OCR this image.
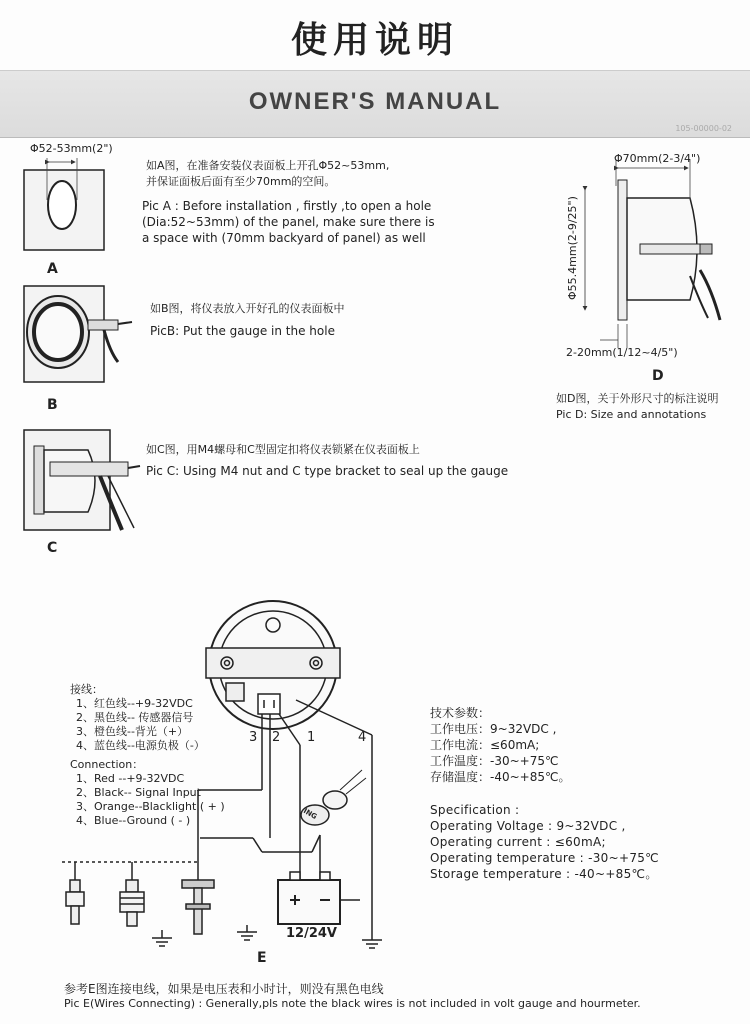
使用说明
OWNER'S MANUAL
105-00000-02
Φ52-53mm(2")
A
如A图，在准备安装仪表面板上开孔Φ52~53mm,
并保证面板后面有至少70mm的空间。
Pic A : Before installation , firstly ,to open a hole
(Dia:52~53mm) of the panel, make sure there is
a space with (70mm backyard of panel) as well
B
如B图，将仪表放入开好孔的仪表面板中
PicB: Put the gauge in the hole
C
如C图，用M4螺母和C型固定扣将仪表锁紧在仪表面板上
Pic C: Using M4 nut and C type bracket to seal up the gauge
Φ70mm(2-3/4")
Φ55.4mm(2-9/25")
2-20mm(1/12~4/5")
D
如D图，关于外形尺寸的标注说明
Pic D: Size and annotations
接线：
1、红色线--+9-32VDC
2、黑色线-- 传感器信号
3、橙色线--背光（+）
4、蓝色线--电源负极（-）
Connection：
1、Red --+9-32VDC
2、Black-- Signal Input
3、Orange--Blacklight ( + )
4、Blue--Ground ( - )
3 2 1	4
ING
12/24V
E
技术参数：
工作电压：9~32VDC ,
工作电流：≤60mA;
工作温度：-30~+75℃
存储温度：-40~+85℃。
Specification :
Operating Voltage : 9~32VDC ,
Operating current : ≤60mA;
Operating temperature : -30~+75℃
Storage temperature : -40~+85℃。
参考E图连接电线，如果是电压表和小时计，则没有黑色电线
Pic E(Wires Connecting) : Generally,pls note the black wires is not included in volt gauge and hourmeter.
